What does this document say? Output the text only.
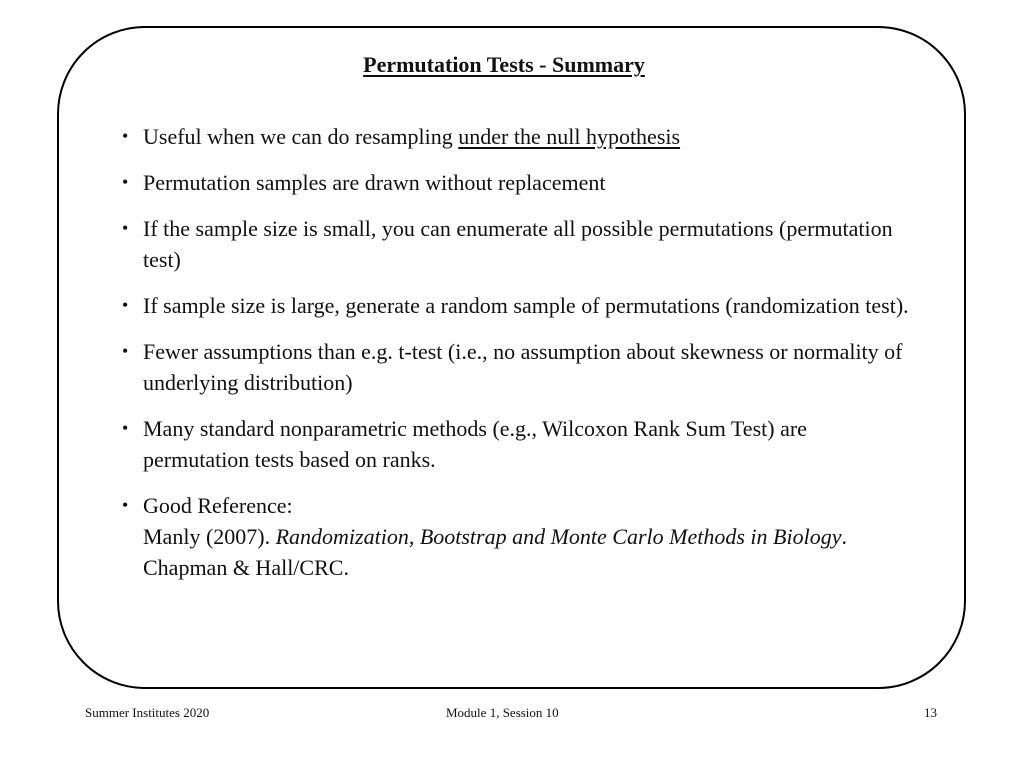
Permutation Tests - Summary
• Useful when we can do resampling under the null hypothesis
• Permutation samples are drawn without replacement
• If the sample size is small, you can enumerate all possible permutations (permutation test)
• If sample size is large, generate a random sample of permutations (randomization test).
• Fewer assumptions than e.g. t-test (i.e., no assumption about skewness or normality of underlying distribution)
• Many standard nonparametric methods (e.g., Wilcoxon Rank Sum Test) are permutation tests based on ranks.
• Good Reference:
Manly (2007). Randomization, Bootstrap and Monte Carlo Methods in Biology. Chapman & Hall/CRC.
Summer Institutes 2020	Module 1, Session 10	13
